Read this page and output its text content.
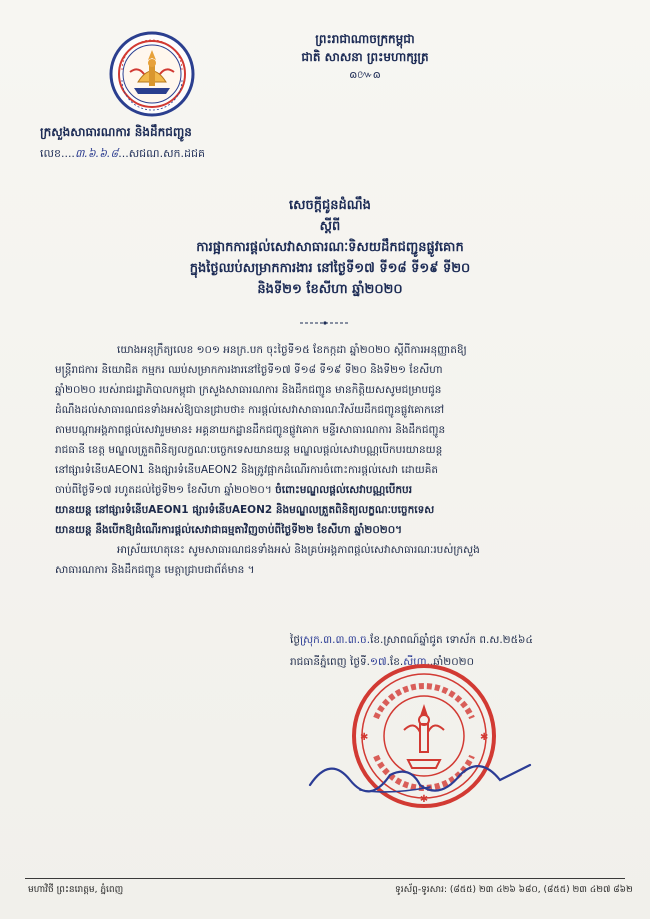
ព្រះរាជាណាចក្រកម្ពុជា
ជាតិ សាសនា ព្រះមហាក្សត្រ
ɷ៚ɷ
ក្រសួងសាធារណការ និងដឹកជញ្ជូន
លេខ....៣.៦.៦.៨...សជណ.សក.ដជគ
សេចក្តីជូនដំណឹង
ស្តីពី
ការផ្អាកការផ្តល់សេវាសាធារណៈទិសយដឹកជញ្ជូនផ្លូវគោក
ក្នុងថ្ងៃឈប់សម្រាកការងារ នៅថ្ងៃទី១៧ ទី១៨ ទី១៩ ទី២០
និងទី២១ ខែសីហា ឆ្នាំ២០២០
យោងអនុក្រឹត្យលេខ ១០១ អនក្រ.បក ចុះថ្ងៃទី១៥ ខែកក្កដា ឆ្នាំ២០២០ ស្តីពីការអនុញ្ញាតឱ្យ
មន្ត្រីរាជការ និយោជិត កម្មករ ឈប់សម្រាកការងារនៅថ្ងៃទី១៧ ទី១៨ ទី១៩ ទី២០ និងទី២១ ខែសីហា
ឆ្នាំ២០២០ របស់រាជរដ្ឋាភិបាលកម្ពុជា ក្រសួងសាធារណការ និងដឹកជញ្ជូន មានកិត្តិយសសូមជម្រាបជូន
ដំណឹងដល់សាធារណជនទាំងអស់ឱ្យបានជ្រាបថា៖ ការផ្តល់សេវាសាធារណៈវិស័យដឹកជញ្ជូនផ្លូវគោកនៅ
តាមបណ្តាអង្គភាពផ្តល់សេវារួមមាន៖ អគ្គនាយកដ្ឋានដឹកជញ្ជូនផ្លូវគោក មន្ទីរសាធារណការ និងដឹកជញ្ជូន
រាជធានី ខេត្ត មណ្ឌលត្រួតពិនិត្យលក្ខណៈបច្ចេកទេសយានយន្ត មណ្ឌលផ្តល់សេវាបណ្ណបើកបរយានយន្ត
នៅផ្សារទំនើបAEON1 និងផ្សារទំនើបAEON2 និងត្រូវផ្អាកដំណើរការចំពោះការផ្តល់សេវា ដោយគិត
ចាប់ពីថ្ងៃទី១៧ រហូតដល់ថ្ងៃទី២១ ខែសីហា ឆ្នាំ២០២០។ ចំពោះមណ្ឌលផ្តល់សេវាបណ្ណបើកបរ
យានយន្ត នៅផ្សារទំនើបAEON1 ផ្សារទំនើបAEON2 និងមណ្ឌលត្រួតពិនិត្យលក្ខណៈបច្ចេកទេស
យានយន្ត នឹងបើកឱ្យដំណើរការផ្តល់សេវាជាធម្មតាវិញចាប់ពីថ្ងៃទី២២ ខែសីហា ឆ្នាំ២០២០។
អាស្រ័យហេតុនេះ សូមសាធារណជនទាំងអស់ និងគ្រប់អង្គភាពផ្តល់សេវាសាធារណៈរបស់ក្រសួង
សាធារណការ និងដឹកជញ្ជូន មេត្តាជ្រាបជាព័ត៌មាន ។
ថ្ងៃស្រុក.៣.៣.៣.ច.ខែ.ស្រាពណ៍ឆ្នាំជូត ទោស័ក ព.ស.២៥៦៤
រាជធានីភ្នំពេញ ថ្ងៃទី.១៧.ខែ.សីហា..ឆ្នាំ២០២០
✱
✱	✱
មហាវិថី ព្រះនរោត្តម, ភ្នំពេញ	ទូរស័ព្ទ-ទូរសារ: (៨៥៥) ២៣ ៤២៦ ៦៨០, (៨៥៥) ២៣ ៤២៧ ៨៦២
